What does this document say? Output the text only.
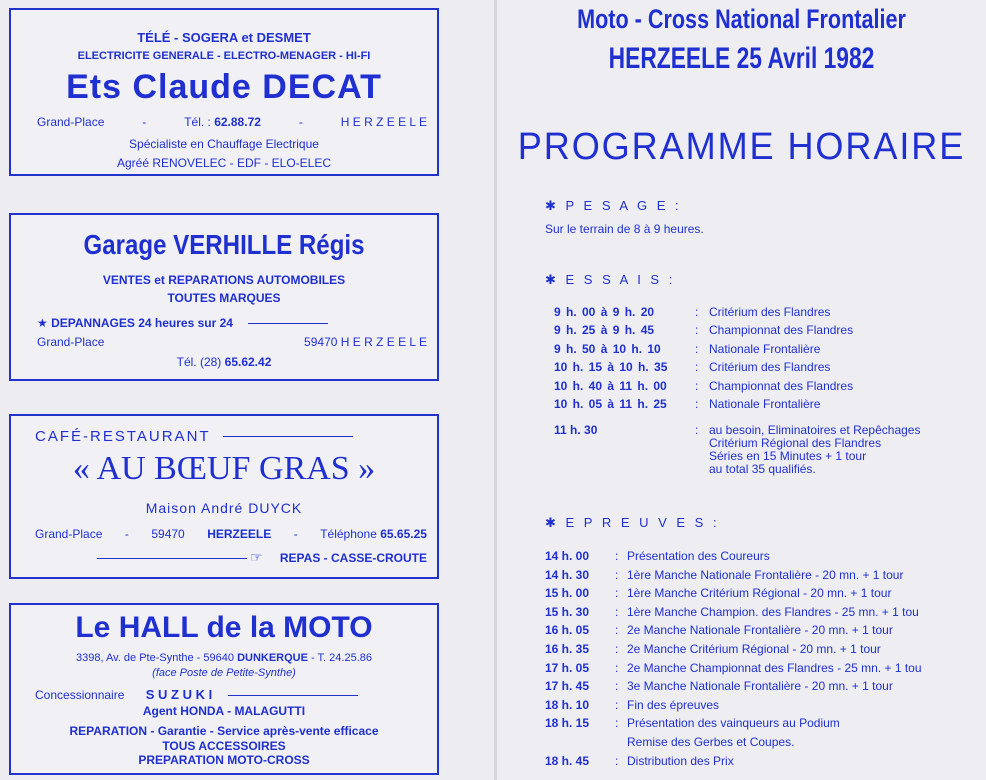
TÉLÉ - SOGERA et DESMET
ELECTRICITE GENERALE - ELECTRO-MENAGER - HI-FI
Ets Claude DECAT
Grand-Place	-	Tél. : 62.88.72	-	H E R Z E E L E
Spécialiste en Chauffage Electrique
Agréé RENOVELEC - EDF - ELO-ELEC
Garage VERHILLE Régis
VENTES et REPARATIONS AUTOMOBILES
TOUTES MARQUES
★ DEPANNAGES 24 heures sur 24
Grand-Place	59470 H E R Z E E L E
Tél. (28) 65.62.42
CAFÉ-RESTAURANT
« AU BŒUF GRAS »
Maison André DUYCK
Grand-Place - 59470 HERZEELE - Téléphone 65.65.25
☞ REPAS - CASSE-CROUTE
Le HALL de la MOTO
3398, Av. de Pte-Synthe - 59640 DUNKERQUE - T. 24.25.86
(face Poste de Petite-Synthe)
Concessionnaire S U Z U K I
Agent HONDA - MALAGUTTI
REPARATION - Garantie - Service après-vente efficace
TOUS ACCESSOIRES
PREPARATION MOTO-CROSS
Moto - Cross National Frontalier
HERZEELE 25 Avril 1982
PROGRAMME HORAIRE
✱ P E S A G E :
Sur le terrain de 8 à 9 heures.
✱ E S S A I S :
9 h. 00 à 9 h. 20	: Critérium des Flandres
9 h. 25 à 9 h. 45	: Championnat des Flandres
9 h. 50 à 10 h. 10	: Nationale Frontalière
10 h. 15 à 10 h. 35 : Critérium des Flandres
10 h. 40 à 11 h. 00 : Championnat des Flandres
10 h. 05 à 11 h. 25 : Nationale Frontalière
11 h. 30	: au besoin, Eliminatoires et Repêchages
Critérium Régional des Flandres
Séries en 15 Minutes + 1 tour
au total 35 qualifiés.
✱ E P R E U V E S :
14 h. 00 : Présentation des Coureurs
14 h. 30 : 1ère Manche Nationale Frontalière - 20 mn. + 1 tour
15 h. 00 : 1ère Manche Critérium Régional - 20 mn. + 1 tour
15 h. 30 : 1ère Manche Champion. des Flandres - 25 mn. + 1 tou
16 h. 05 : 2e Manche Nationale Frontalière - 20 mn. + 1 tour
16 h. 35 : 2e Manche Critérium Régional - 20 mn. + 1 tour
17 h. 05 : 2e Manche Championnat des Flandres - 25 mn. + 1 tou
17 h. 45 : 3e Manche Nationale Frontalière - 20 mn. + 1 tour
18 h. 10 : Fin des épreuves
18 h. 15 : Présentation des vainqueurs au Podium
Remise des Gerbes et Coupes.
18 h. 45 : Distribution des Prix
